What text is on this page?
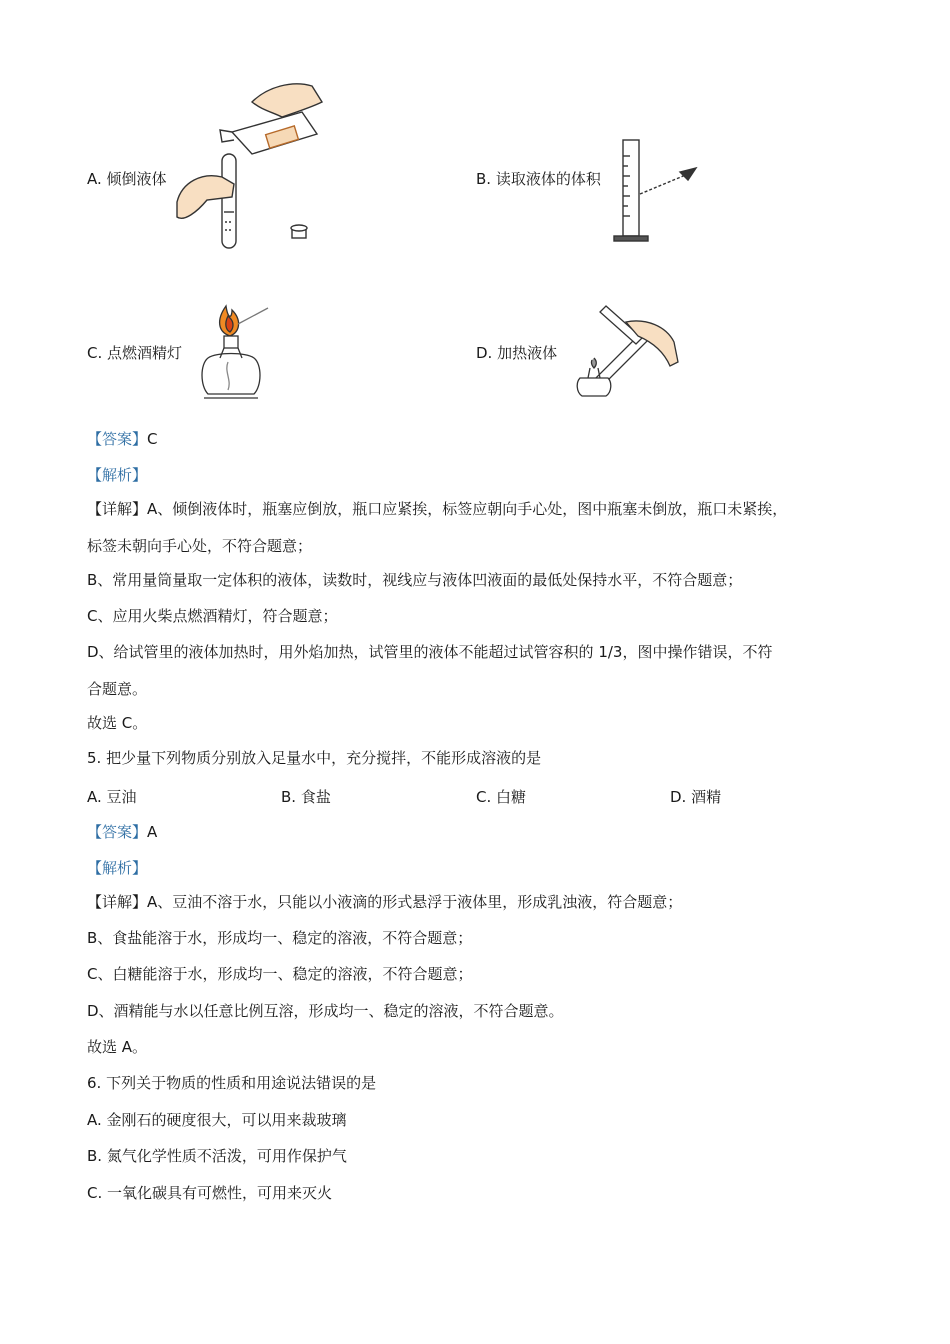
A. 倾倒液体	B. 读取液体的体积
C. 点燃酒精灯	D. 加热液体
【答案】C
【解析】
【详解】A、倾倒液体时，瓶塞应倒放，瓶口应紧挨，标签应朝向手心处，图中瓶塞未倒放，瓶口未紧挨，
标签未朝向手心处，不符合题意；
B、常用量筒量取一定体积的液体，读数时，视线应与液体凹液面的最低处保持水平，不符合题意；
C、应用火柴点燃酒精灯，符合题意；
D、给试管里的液体加热时，用外焰加热，试管里的液体不能超过试管容积的 1/3，图中操作错误，不符
合题意。
故选 C。
5. 把少量下列物质分别放入足量水中，充分搅拌，不能形成溶液的是
A. 豆油	B. 食盐	C. 白糖	D. 酒精
【答案】A
【解析】
【详解】A、豆油不溶于水，只能以小液滴的形式悬浮于液体里，形成乳浊液，符合题意；
B、食盐能溶于水，形成均一、稳定的溶液，不符合题意；
C、白糖能溶于水，形成均一、稳定的溶液，不符合题意；
D、酒精能与水以任意比例互溶，形成均一、稳定的溶液，不符合题意。
故选 A。
6. 下列关于物质的性质和用途说法错误的是
A. 金刚石的硬度很大，可以用来裁玻璃
B. 氮气化学性质不活泼，可用作保护气
C. 一氧化碳具有可燃性，可用来灭火
